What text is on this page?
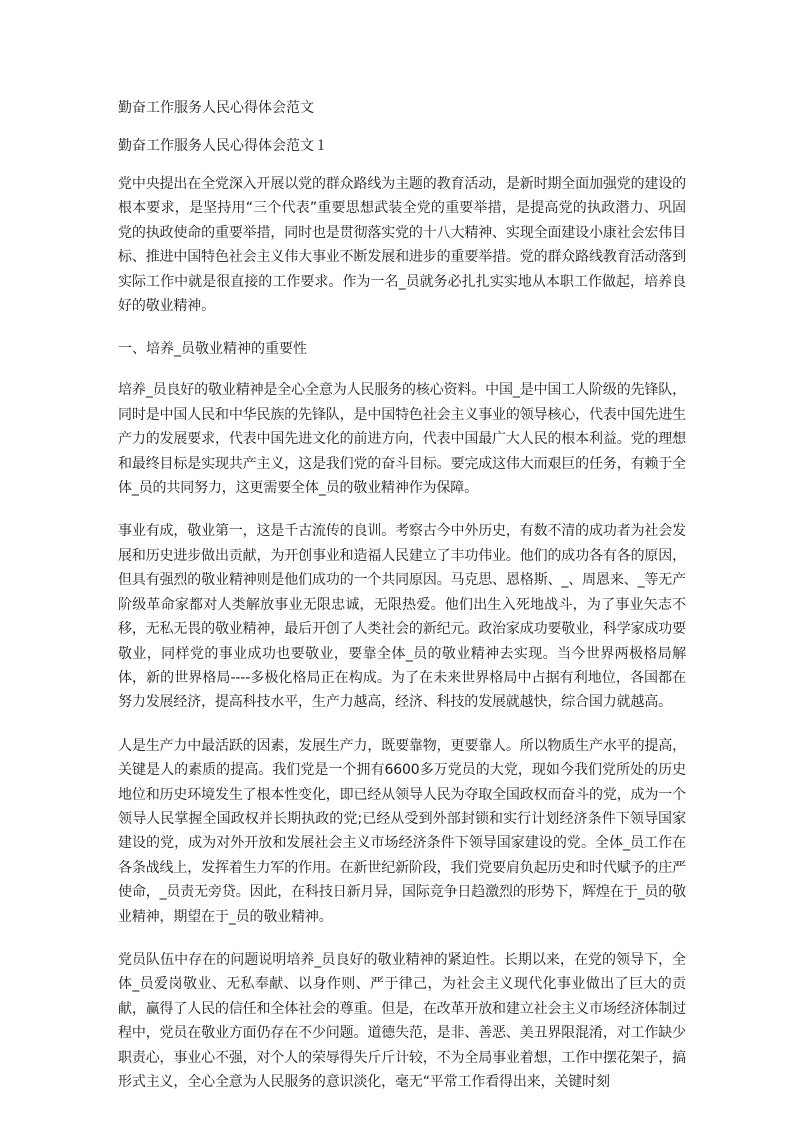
勤奋工作服务人民心得体会范文
勤奋工作服务人民心得体会范文１

党中央提出在全党深入开展以党的群众路线为主题的教育活动，是新时期全面加强党的建设的根本要求，是坚持用“三个代表”重要思想武装全党的重要举措，是提高党的执政潜力、巩固党的执政使命的重要举措，同时也是贯彻落实党的十八大精神、实现全面建设小康社会宏伟目标、推进中国特色社会主义伟大事业不断发展和进步的重要举措。党的群众路线教育活动落到实际工作中就是很直接的工作要求。作为一名_员就务必扎扎实实地从本职工作做起，培养良好的敬业精神。

一、培养_员敬业精神的重要性

培养_员良好的敬业精神是全心全意为人民服务的核心资料。中国_是中国工人阶级的先锋队，同时是中国人民和中华民族的先锋队，是中国特色社会主义事业的领导核心，代表中国先进生产力的发展要求，代表中国先进文化的前进方向，代表中国最广大人民的根本利益。党的理想和最终目标是实现共产主义，这是我们党的奋斗目标。要完成这伟大而艰巨的任务，有赖于全体_员的共同努力，这更需要全体_员的敬业精神作为保障。

事业有成，敬业第一，这是千古流传的良训。考察古今中外历史，有数不清的成功者为社会发展和历史进步做出贡献，为开创事业和造福人民建立了丰功伟业。他们的成功各有各的原因，但具有强烈的敬业精神则是他们成功的一个共同原因。马克思、恩格斯、_、周恩来、_等无产阶级革命家都对人类解放事业无限忠诚，无限热爱。他们出生入死地战斗，为了事业矢志不移，无私无畏的敬业精神，最后开创了人类社会的新纪元。政治家成功要敬业，科学家成功要敬业，同样党的事业成功也要敬业，要靠全体_员的敬业精神去实现。当今世界两极格局解体，新的世界格局----多极化格局正在构成。为了在未来世界格局中占据有利地位，各国都在努力发展经济，提高科技水平，生产力越高，经济、科技的发展就越快，综合国力就越高。

人是生产力中最活跃的因素，发展生产力，既要靠物，更要靠人。所以物质生产水平的提高，关键是人的素质的提高。我们党是一个拥有6600多万党员的大党，现如今我们党所处的历史地位和历史环境发生了根本性变化，即已经从领导人民为夺取全国政权而奋斗的党，成为一个领导人民掌握全国政权并长期执政的党;已经从受到外部封锁和实行计划经济条件下领导国家建设的党，成为对外开放和发展社会主义市场经济条件下领导国家建设的党。全体_员工作在各条战线上，发挥着生力军的作用。在新世纪新阶段，我们党要肩负起历史和时代赋予的庄严使命，_员责无旁贷。因此，在科技日新月异，国际竞争日趋激烈的形势下，辉煌在于_员的敬业精神，期望在于_员的敬业精神。

党员队伍中存在的问题说明培养_员良好的敬业精神的紧迫性。长期以来，在党的领导下，全体_员爱岗敬业、无私奉献、以身作则、严于律己，为社会主义现代化事业做出了巨大的贡献，赢得了人民的信任和全体社会的尊重。但是，在改革开放和建立社会主义市场经济体制过程中，党员在敬业方面仍存在不少问题。道德失范，是非、善恶、美丑界限混淆，对工作缺少职责心，事业心不强，对个人的荣辱得失斤斤计较，不为全局事业着想，工作中摆花架子，搞形式主义，全心全意为人民服务的意识淡化，毫无“平常工作看得出来，关键时刻
